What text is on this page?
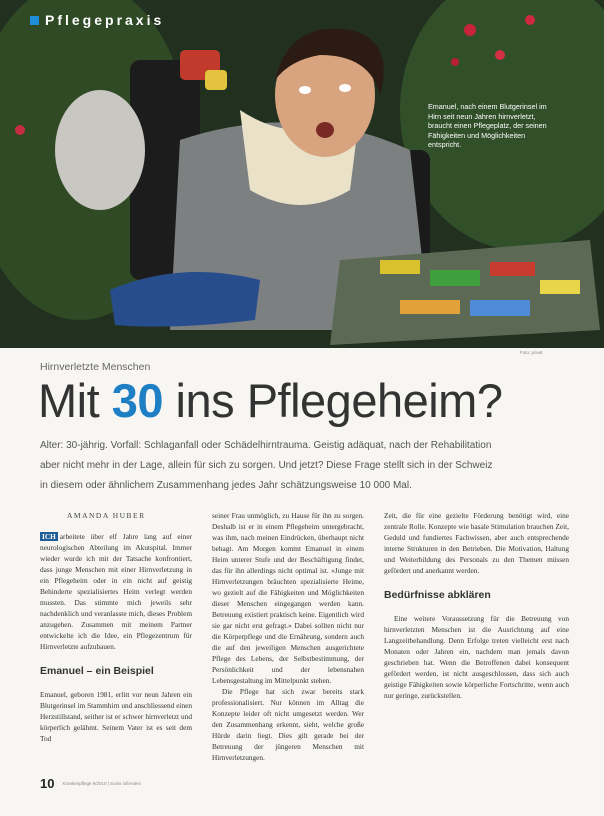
Pflegepraxis
Emanuel, nach einem Blutgerinsel im Hirn seit neun Jahren hirnverletzt, braucht einen Pflegeplatz, der seinen Fähigkeiten und Möglichkeiten entspricht.
Foto: privat
Hirnverletzte Menschen
Mit 30 ins Pflegeheim?
Alter: 30-jährig. Vorfall: Schlaganfall oder Schädelhirntrauma. Geistig adäquat, nach der Rehabilitation
aber nicht mehr in der Lage, allein für sich zu sorgen. Und jetzt? Diese Frage stellt sich in der Schweiz
in diesem oder ähnlichem Zusammenhang jedes Jahr schätzungsweise 10 000 Mal.
AMANDA HUBER

ICH arbeitete über elf Jahre lang auf einer neurologischen Abteilung im Akutspital. Immer wieder wurde ich mit der Tatsache konfrontiert, dass junge Menschen mit einer Hirnverletzung in ein Pflegeheim oder in ein nicht auf geistig Behinderte spezialisiertes Heim verlegt werden mussten. Das stimmte mich jeweils sehr nachdenklich und veranlasste mich, dieses Problem anzugehen. Zusammen mit meinem Partner entwickelte ich die Idee, ein Pflegezentrum für Hirnverletzte aufzubauen.

Emanuel – ein Beispiel

Emanuel, geboren 1981, erlitt vor neun Jahren ein Blutgerinsel im Stammhirn und anschliessend einen Herzstillstand, seither ist er schwer hirnverletzt und körperlich gelähmt. Seinem Vater ist es seit dem Tod

seiner Frau unmöglich, zu Hause für ihn zu sorgen. Deshalb ist er in einem Pflegeheim untergebracht, was ihm, nach meinen Eindrücken, überhaupt nicht behagt. Am Morgen kommt Emanuel in einem Heim unterer Stufe und der Beschäftigung findet, das für ihn allerdings nicht optimal ist. «Junge mit Hirnverletzungen bräuchten spezialisierte Heime, wo gezielt auf die Fähigkeiten und Möglichkeiten dieser Menschen eingegangen werden kann. Betreuung existiert praktisch keine. Eigentlich wird sie gar nicht erst gefragt.» Dabei sollten nicht nur die Körperpflege und die Ernährung, sondern auch die auf den jeweiligen Menschen ausgerichtete Pflege des Lebens, der Selbstbestimmung, der Persönlichkeit und der lebensnahen Lebensgestaltung im Mittelpunkt stehen.

Die Pflege hat sich zwar bereits stark professionalisiert. Nur können im Alltag die Konzepte leider oft nicht umgesetzt werden. Wer den Zusammenhang erkennt, sieht, welche große Hürde darin liegt. Dies gilt gerade bei der Betreuung der jüngeren Menschen mit Hirnverletzungen.

Zeit, die für eine gezielte Förderung benötigt wird, eine zentrale Rolle. Konzepte wie basale Stimulation brauchen Zeit, Geduld und fundiertes Fachwissen, aber auch entsprechende interne Strukturen in den Betrieben. Die Motivation, Haltung und Weiterbildung des Personals zu den Themen müssen gefördert und anerkannt werden.

Bedürfnisse abklären

Eine weitere Voraussetzung für die Betreuung von hirnverletzten Menschen ist die Ausrichtung auf eine Langzeitbehandlung. Denn Erfolge treten vielleicht erst nach Monaten oder Jahren ein, nachdem man jemals davon geschrieben hat. Wenn die Betroffenen dabei konsequent gefördert werden, ist nicht ausgeschlossen, dass sich auch geistige Fähigkeiten sowie körperliche Fortschritte, wenn auch nur geringe, zurückstellen.

10 Krankenpflege 9/2010 | Soins infirmiers
